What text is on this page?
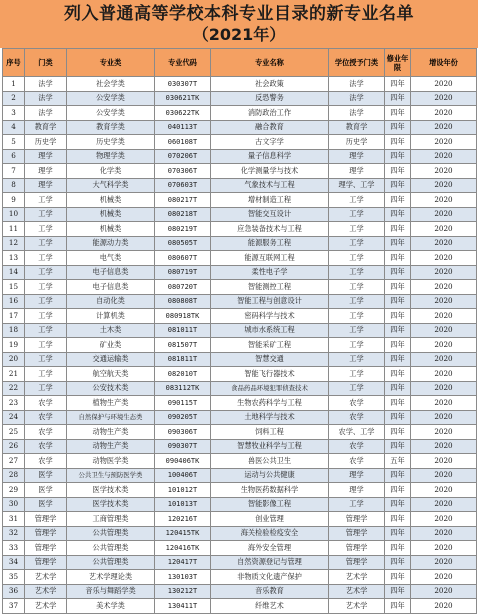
列入普通高等学校本科专业目录的新专业名单
（2021年）
序号	门类	专业类	专业代码	专业名称	学位授予门类	修业年限	增设年份
1	法学	社会学类	030307T	社会政策	法学	四年	2020
2	法学	公安学类	030621TK	反恐警务	法学	四年	2020
3	法学	公安学类	030622TK	消防政治工作	法学	四年	2020
4	教育学	教育学类	040113T	融合教育	教育学	四年	2020
5	历史学	历史学类	060108T	古文字学	历史学	四年	2020
6	理学	物理学类	070206T	量子信息科学	理学	四年	2020
7	理学	化学类	070306T	化学测量学与技术	理学	四年	2020
8	理学	大气科学类	070603T	气象技术与工程	理学、工学	四年	2020
9	工学	机械类	080217T	增材制造工程	工学	四年	2020
10	工学	机械类	080218T	智能交互设计	工学	四年	2020
11	工学	机械类	080219T	应急装备技术与工程	工学	四年	2020
12	工学	能源动力类	080505T	能源服务工程	工学	四年	2020
13	工学	电气类	080607T	能源互联网工程	工学	四年	2020
14	工学	电子信息类	080719T	柔性电子学	工学	四年	2020
15	工学	电子信息类	080720T	智能测控工程	工学	四年	2020
16	工学	自动化类	080808T	智能工程与创意设计	工学	四年	2020
17	工学	计算机类	080918TK	密码科学与技术	工学	四年	2020
18	工学	土木类	081011T	城市水系统工程	工学	四年	2020
19	工学	矿业类	081507T	智能采矿工程	工学	四年	2020
20	工学	交通运输类	081811T	智慧交通	工学	四年	2020
21	工学	航空航天类	082010T	智能飞行器技术	工学	四年	2020
22	工学	公安技术类	083112TK	食品药品环境犯罪侦查技术	工学	四年	2020
23	农学	植物生产类	090115T	生物农药科学与工程	农学	四年	2020
24	农学	自然保护与环境生态类	090205T	土地科学与技术	农学	四年	2020
25	农学	动物生产类	090306T	饲料工程	农学、工学	四年	2020
26	农学	动物生产类	090307T	智慧牧业科学与工程	农学	四年	2020
27	农学	动物医学类	090406TK	兽医公共卫生	农学	五年	2020
28	医学	公共卫生与预防医学类	100406T	运动与公共健康	理学	四年	2020
29	医学	医学技术类	101012T	生物医药数据科学	理学	四年	2020
30	医学	医学技术类	101013T	智能影像工程	工学	四年	2020
31	管理学	工商管理类	120216T	创业管理	管理学	四年	2020
32	管理学	公共管理类	120415TK	海关检验检疫安全	管理学	四年	2020
33	管理学	公共管理类	120416TK	海外安全管理	管理学	四年	2020
34	管理学	公共管理类	120417T	自然资源登记与管理	管理学	四年	2020
35	艺术学	艺术学理论类	130103T	非物质文化遗产保护	艺术学	四年	2020
36	艺术学	音乐与舞蹈学类	130212T	音乐教育	艺术学	四年	2020
37	艺术学	美术学类	130411T	纤维艺术	艺术学	四年	2020
